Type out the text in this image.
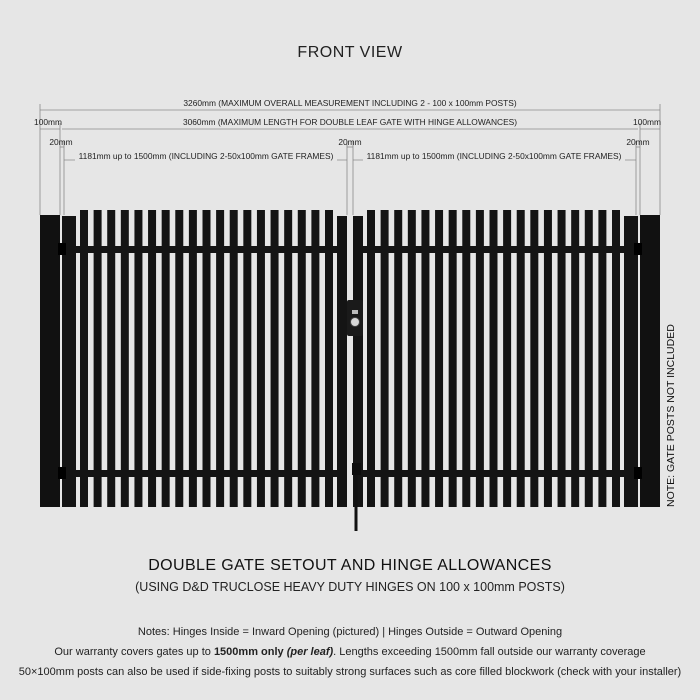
FRONT VIEW
3260mm (MAXIMUM OVERALL MEASUREMENT INCLUDING 2 - 100 x 100mm POSTS)
3060mm (MAXIMUM LENGTH FOR DOUBLE LEAF GATE WITH HINGE ALLOWANCES)
100mm	100mm
20mm	20mm	20mm
1181mm up to 1500mm (INCLUDING 2-50x100mm GATE FRAMES)	1181mm up to 1500mm (INCLUDING 2-50x100mm GATE FRAMES)
NOTE: GATE POSTS NOT INCLUDED
DOUBLE GATE SETOUT AND HINGE ALLOWANCES
(USING D&D TRUCLOSE HEAVY DUTY HINGES ON 100 x 100mm POSTS)

Notes: Hinges Inside = Inward Opening (pictured) | Hinges Outside = Outward Opening

Our warranty covers gates up to 1500mm only (per leaf). Lengths exceeding 1500mm fall outside our warranty coverage

50×100mm posts can also be used if side-fixing posts to suitably strong surfaces such as core filled blockwork (check with your installer)
